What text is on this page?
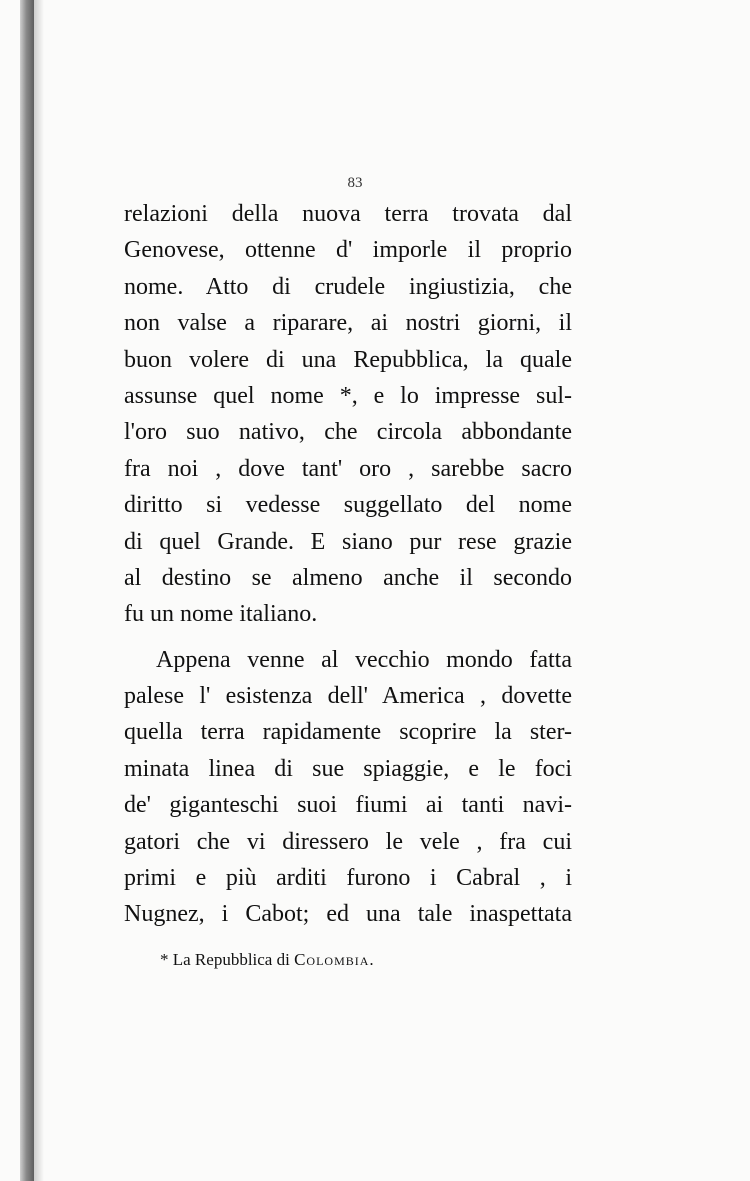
83
relazioni della nuova terra trovata dal
Genovese, ottenne d' imporle il proprio
nome. Atto di crudele ingiustizia, che
non valse a riparare, ai nostri giorni, il
buon volere di una Repubblica, la quale
assunse quel nome *, e lo impresse sul-
l'oro suo nativo, che circola abbondante
fra noi , dove tant' oro , sarebbe sacro
diritto si vedesse suggellato del nome
di quel Grande. E siano pur rese grazie
al destino se almeno anche il secondo
fu un nome italiano.
Appena venne al vecchio mondo fatta
palese l' esistenza dell' America , dovette
quella terra rapidamente scoprire la ster-
minata linea di sue spiaggie, e le foci
de' giganteschi suoi fiumi ai tanti navi-
gatori che vi diressero le vele , fra cui
primi e più arditi furono i Cabral , i
Nugnez, i Cabot; ed una tale inaspettata
* La Repubblica di Colombia.
